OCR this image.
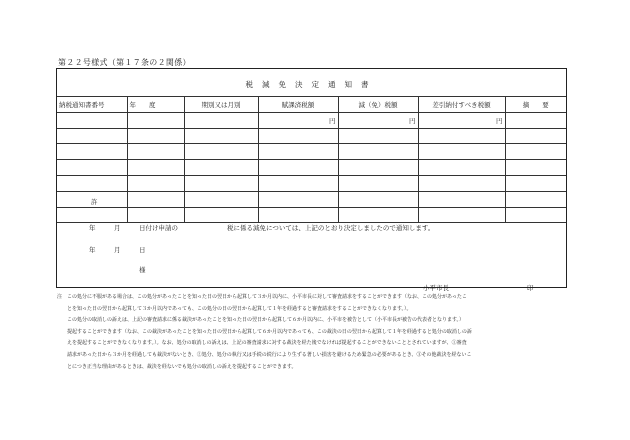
第２２号様式（第１７条の２関係）
税減免決定通知書
納税通知書番号	年　　度	期別又は月別	賦課済税額	減（免）税額	差引納付すべき税額	摘　　要
			円	円	円	

許
年	月	日付け申請の	税に係る減免については、上記のとおり決定しましたので通知します。
年	月	日
様
小平市長	印

注　この処分に不服がある場合は、この処分があったことを知った日の翌日から起算して３か月以内に、小平市長に対して審査請求をすることができます（なお、この処分があったこ

とを知った日の翌日から起算して３か月以内であっても、この処分の日の翌日から起算して１年を経過すると審査請求をすることができなくなります。）。

この処分の取消しの訴えは、上記の審査請求に係る裁決があったことを知った日の翌日から起算して６か月以内に、小平市を被告として（小平市長が被告の代表者となります。）

提起することができます（なお、この裁決があったことを知った日の翌日から起算して６か月以内であっても、この裁決の日の翌日から起算して１年を経過すると処分の取消しの訴

えを提起することができなくなります。）。なお、処分の取消しの訴えは、上記の審査請求に対する裁決を経た後でなければ提起することができないこととされていますが、①審査

請求があった日から３か月を経過しても裁決がないとき、②処分、処分の執行又は手続の続行により生ずる著しい損害を避けるため緊急の必要があるとき、③その他裁決を経ないこ

とにつき正当な理由があるときは、裁決を経ないでも処分の取消しの訴えを提起することができます。
